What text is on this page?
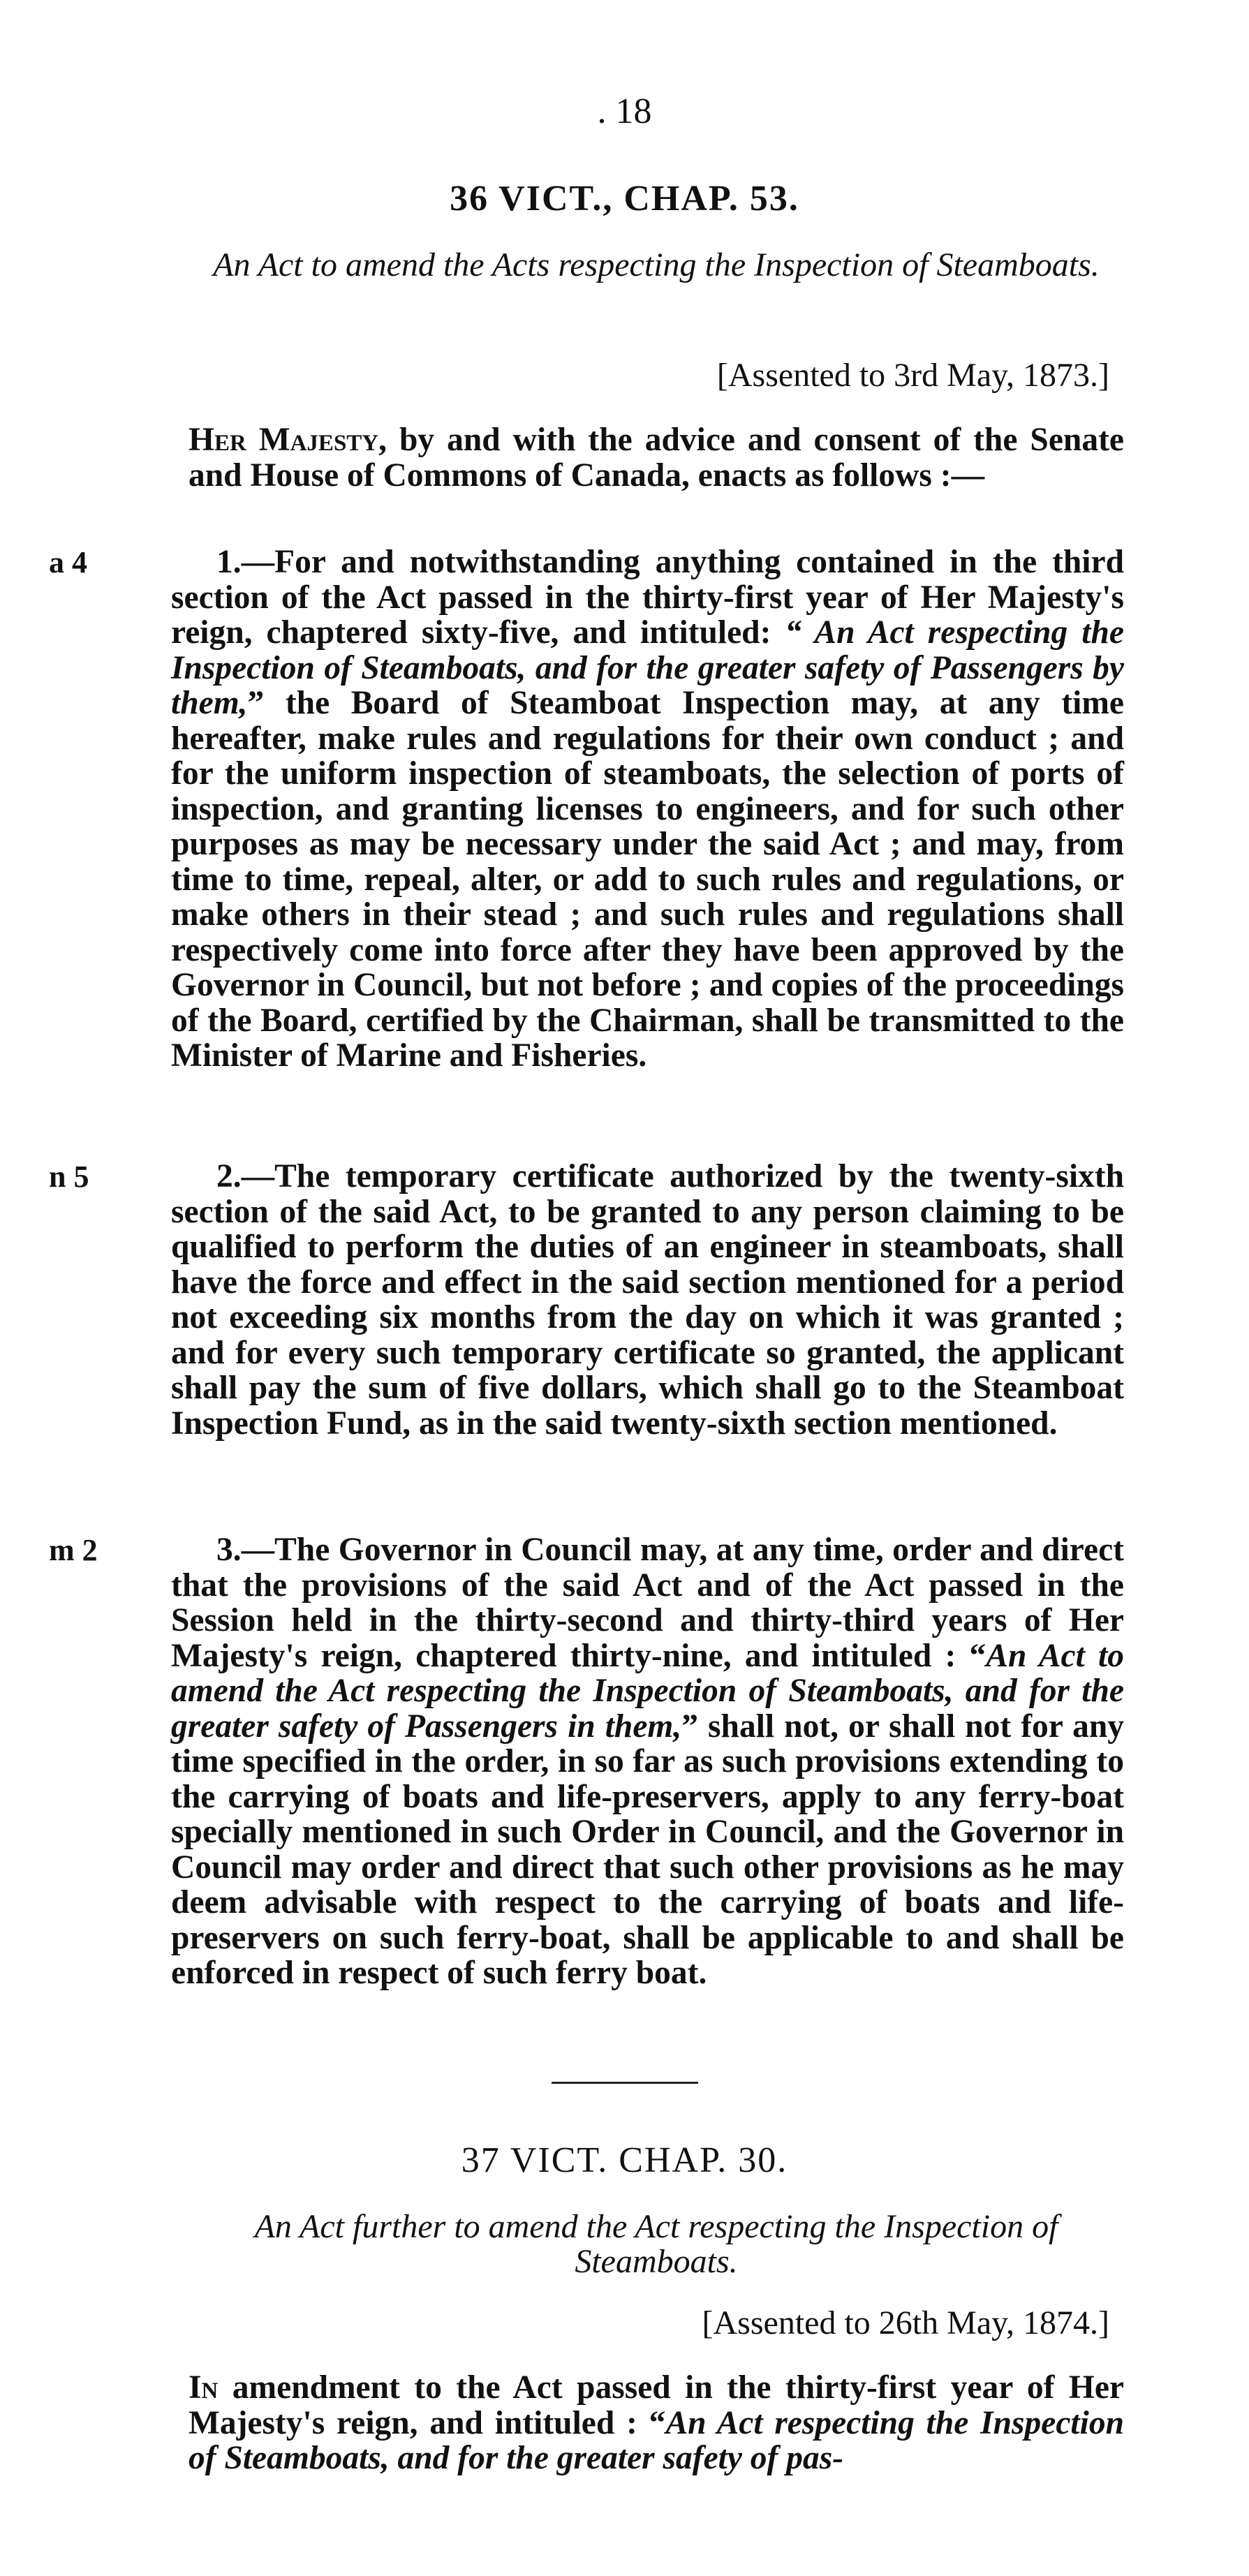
. 18
36 VICT., CHAP. 53.
An Act to amend the Acts respecting the Inspection of Steamboats.
[Assented to 3rd May, 1873.]
Her Majesty, by and with the advice and consent of the Senate and House of Commons of Canada, enacts as follows :—
a 4	1.—For and notwithstanding anything contained in the third section of the Act passed in the thirty-first year of Her Majesty's reign, chaptered sixty-five, and intituled: “ An Act respecting the Inspection of Steamboats, and for the greater safety of Passengers by them,” the Board of Steamboat Inspection may, at any time hereafter, make rules and regulations for their own conduct ; and for the uniform inspection of steamboats, the selection of ports of inspection, and granting licenses to engineers, and for such other purposes as may be necessary under the said Act ; and may, from time to time, repeal, alter, or add to such rules and regulations, or make others in their stead ; and such rules and regulations shall respectively come into force after they have been approved by the Governor in Council, but not before ; and copies of the proceedings of the Board, certified by the Chairman, shall be transmitted to the Minister of Marine and Fisheries.
n 5	2.—The temporary certificate authorized by the twenty-sixth section of the said Act, to be granted to any person claiming to be qualified to perform the duties of an engineer in steamboats, shall have the force and effect in the said section mentioned for a period not exceeding six months from the day on which it was granted ; and for every such temporary certificate so granted, the applicant shall pay the sum of five dollars, which shall go to the Steamboat Inspection Fund, as in the said twenty-sixth section mentioned.
m 2	3.—The Governor in Council may, at any time, order and direct that the provisions of the said Act and of the Act passed in the Session held in the thirty-second and thirty-third years of Her Majesty's reign, chaptered thirty-nine, and intituled : “An Act to amend the Act respecting the Inspection of Steamboats, and for the greater safety of Passengers in them,” shall not, or shall not for any time specified in the order, in so far as such provisions extending to the carrying of boats and life-preservers, apply to any ferry-boat specially mentioned in such Order in Council, and the Governor in Council may order and direct that such other provisions as he may deem advisable with respect to the carrying of boats and life-preservers on such ferry-boat, shall be applicable to and shall be enforced in respect of such ferry boat.
37 VICT. CHAP. 30.
An Act further to amend the Act respecting the Inspection of Steamboats.
[Assented to 26th May, 1874.]
In amendment to the Act passed in the thirty-first year of Her Majesty's reign, and intituled : “An Act respecting the Inspection of Steamboats, and for the greater safety of pas-
